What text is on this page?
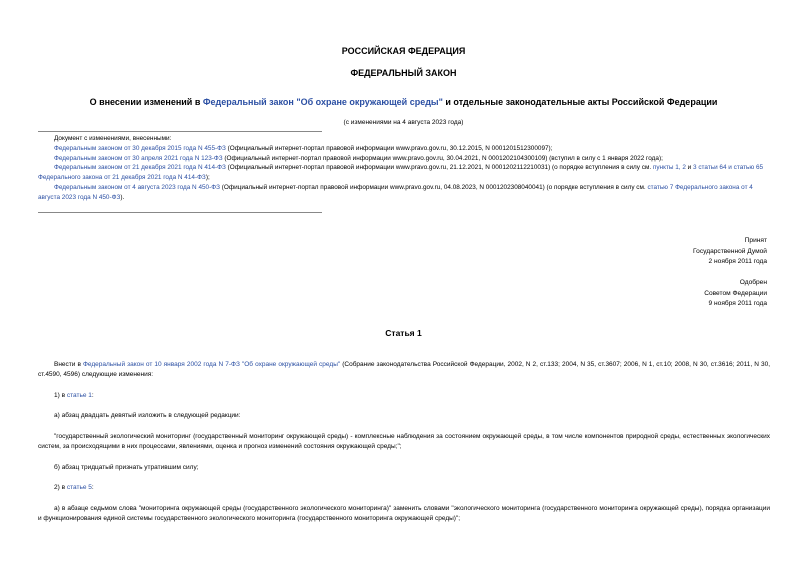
РОССИЙСКАЯ ФЕДЕРАЦИЯ
ФЕДЕРАЛЬНЫЙ ЗАКОН
О внесении изменений в Федеральный закон "Об охране окружающей среды" и отдельные законодательные акты Российской Федерации
(с изменениями на 4 августа 2023 года)
Документ с изменениями, внесенными:
Федеральным законом от 30 декабря 2015 года N 455-ФЗ (Официальный интернет-портал правовой информации www.pravo.gov.ru, 30.12.2015, N 0001201512300097);
Федеральным законом от 30 апреля 2021 года N 123-ФЗ (Официальный интернет-портал правовой информации www.pravo.gov.ru, 30.04.2021, N 0001202104300109) (вступил в силу с 1 января 2022 года);
Федеральным законом от 21 декабря 2021 года N 414-ФЗ (Официальный интернет-портал правовой информации www.pravo.gov.ru, 21.12.2021, N 0001202112210031) (о порядке вступления в силу см. пункты 1, 2 и 3 статьи 64 и статью 65 Федерального закона от 21 декабря 2021 года N 414-ФЗ);
Федеральным законом от 4 августа 2023 года N 450-ФЗ (Официальный интернет-портал правовой информации www.pravo.gov.ru, 04.08.2023, N 0001202308040041) (о порядке вступления в силу см. статью 7 Федерального закона от 4 августа 2023 года N 450-ФЗ).
Принят
Государственной Думой
2 ноября 2011 года
Одобрен
Советом Федерации
9 ноября 2011 года
Статья 1
Внести в Федеральный закон от 10 января 2002 года N 7-ФЗ "Об охране окружающей среды" (Собрание законодательства Российской Федерации, 2002, N 2, ст.133; 2004, N 35, ст.3607; 2006, N 1, ст.10; 2008, N 30, ст.3616; 2011, N 30, ст.4590, 4596) следующие изменения:
1) в статье 1:
а) абзац двадцать девятый изложить в следующей редакции:
"государственный экологический мониторинг (государственный мониторинг окружающей среды) - комплексные наблюдения за состоянием окружающей среды, в том числе компонентов природной среды, естественных экологических систем, за происходящими в них процессами, явлениями, оценка и прогноз изменений состояния окружающей среды;";
б) абзац тридцатый признать утратившим силу;
2) в статье 5:
а) в абзаце седьмом слова "мониторинга окружающей среды (государственного экологического мониторинга)" заменить словами "экологического мониторинга (государственного мониторинга окружающей среды), порядка организации и функционирования единой системы государственного экологического мониторинга (государственного мониторинга окружающей среды)";
